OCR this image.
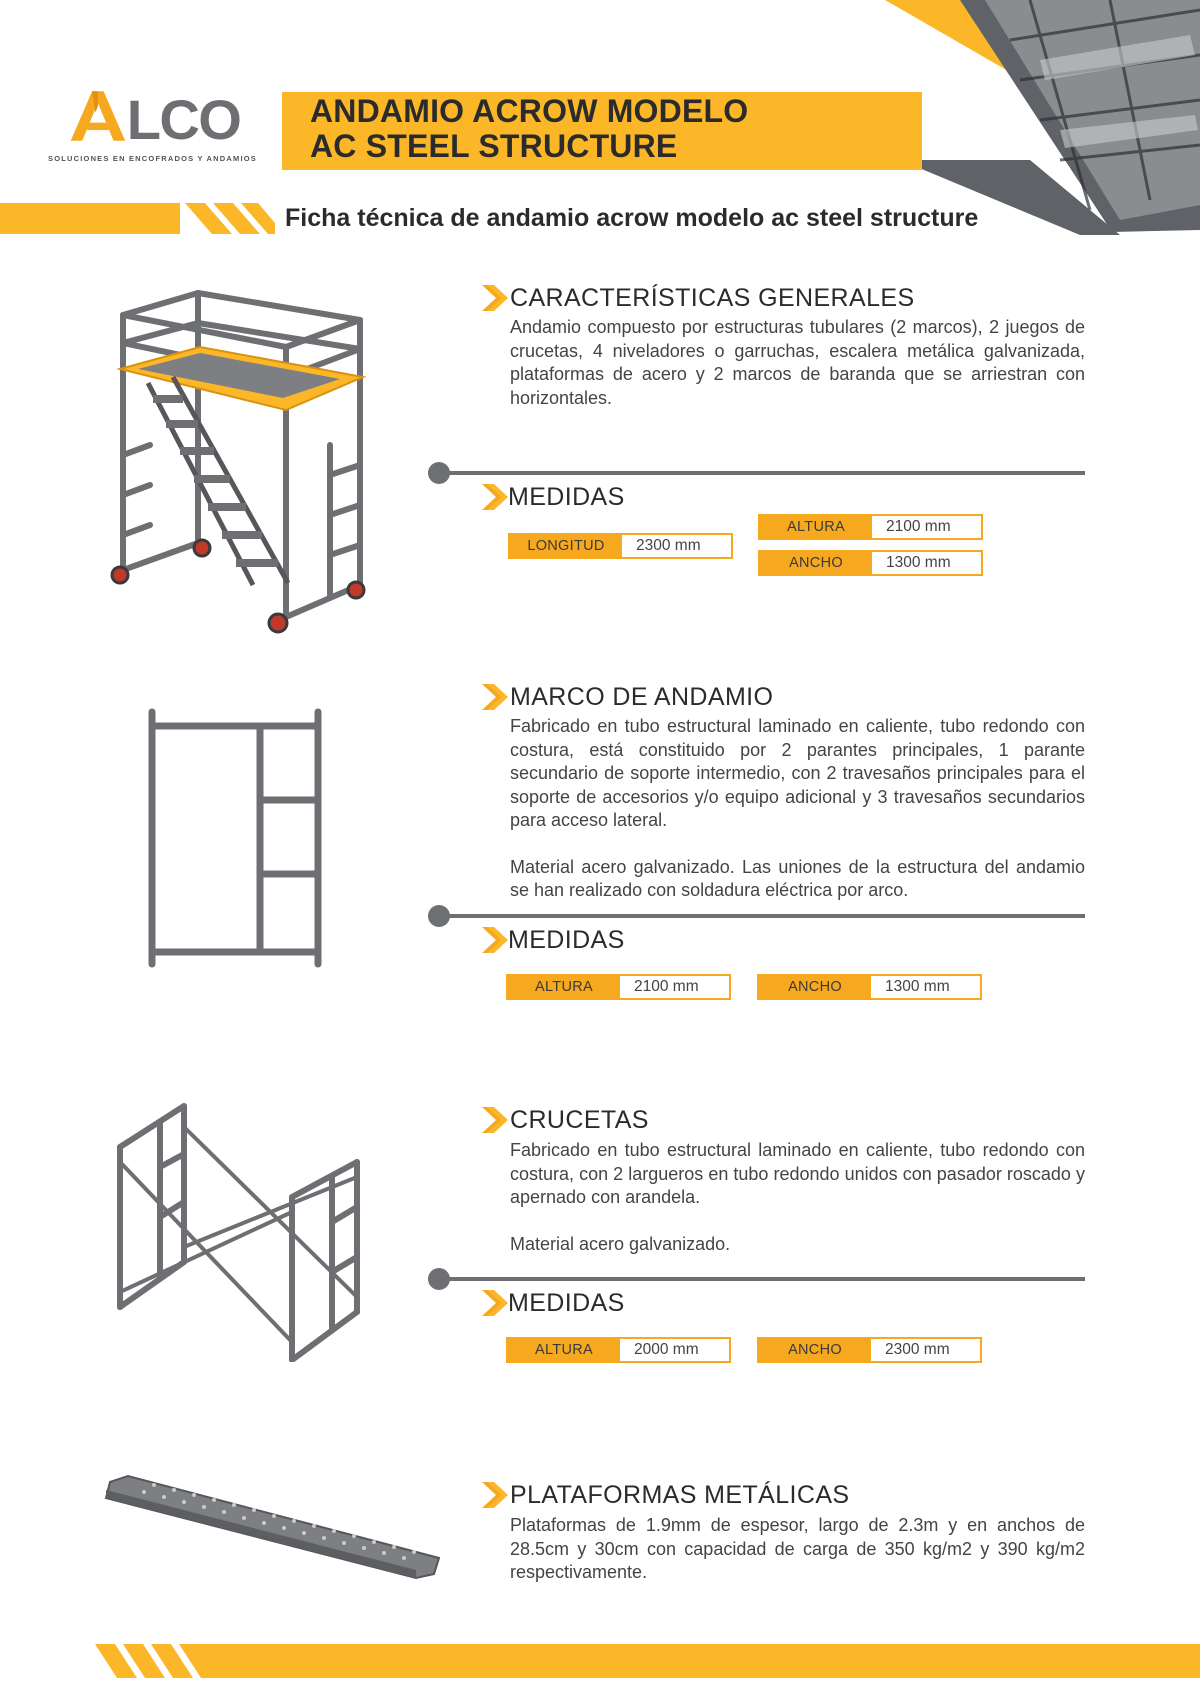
LCO
SOLUCIONES EN ENCOFRADOS Y ANDAMIOS
ANDAMIO ACROW MODELO
AC STEEL STRUCTURE
Ficha técnica de andamio acrow modelo ac steel structure
CARACTERÍSTICAS GENERALES

Andamio compuesto por estructuras tubulares (2 marcos), 2 juegos de crucetas, 4 niveladores o garruchas, escalera metálica galvanizada, plataformas de acero y 2 marcos de baranda que se arriestran con horizontales.

MEDIDAS
LONGITUD	2300 mm
ALTURA	2100 mm
ANCHO	1300 mm
MARCO DE ANDAMIO

Fabricado en tubo estructural laminado en caliente, tubo redondo con costura, está constituido por 2 parantes principales, 1 parante secundario de soporte intermedio, con 2 travesaños principales para el soporte de accesorios y/o equipo adicional y 3 travesaños secundarios para acceso lateral.

Material acero galvanizado. Las uniones de la estructura del andamio se han realizado con soldadura eléctrica por arco.

MEDIDAS
ALTURA	2100 mm	ANCHO	1300 mm
CRUCETAS

Fabricado en tubo estructural laminado en caliente, tubo redondo con costura, con 2 largueros en tubo redondo unidos con pasador roscado y apernado con arandela.

Material acero galvanizado.

MEDIDAS
ALTURA	2000 mm	ANCHO	2300 mm
PLATAFORMAS METÁLICAS

Plataformas de 1.9mm de espesor, largo de 2.3m y en anchos de 28.5cm y 30cm con capacidad de carga de 350 kg/m2 y 390 kg/m2 respectivamente.
